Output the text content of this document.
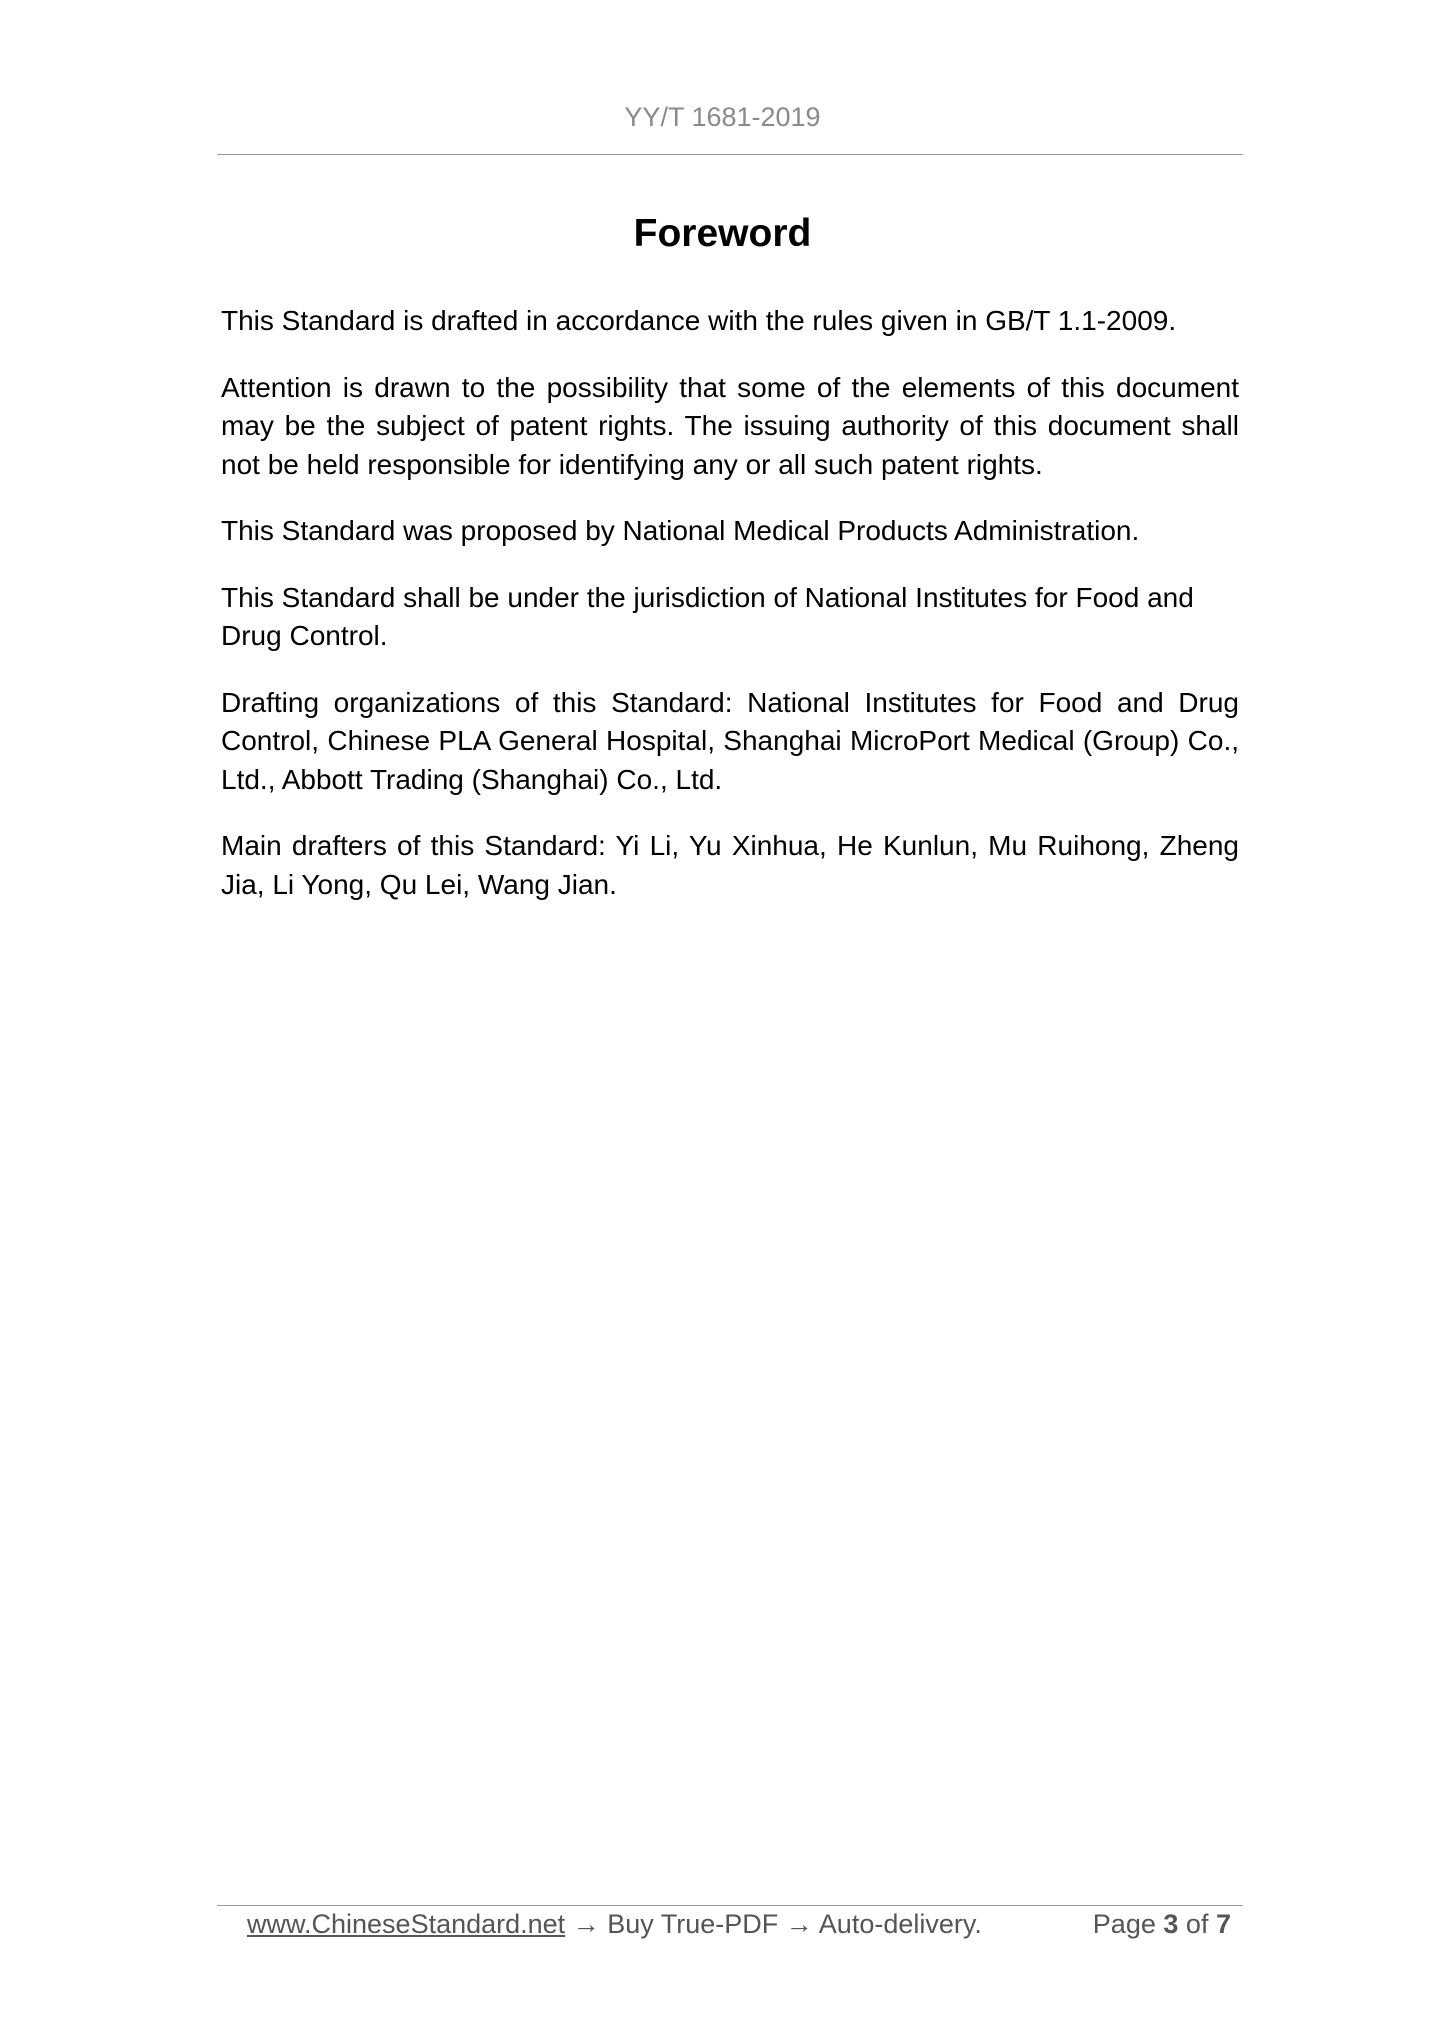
YY/T 1681-2019
Foreword

This Standard is drafted in accordance with the rules given in GB/T 1.1-2009.

Attention is drawn to the possibility that some of the elements of this document may be the subject of patent rights. The issuing authority of this document shall not be held responsible for identifying any or all such patent rights.

This Standard was proposed by National Medical Products Administration.

This Standard shall be under the jurisdiction of National Institutes for Food and Drug Control.

Drafting organizations of this Standard: National Institutes for Food and Drug Control, Chinese PLA General Hospital, Shanghai MicroPort Medical (Group) Co., Ltd., Abbott Trading (Shanghai) Co., Ltd.

Main drafters of this Standard: Yi Li, Yu Xinhua, He Kunlun, Mu Ruihong, Zheng Jia, Li Yong, Qu Lei, Wang Jian.

www.ChineseStandard.net → Buy True-PDF → Auto-delivery.	Page 3 of 7
